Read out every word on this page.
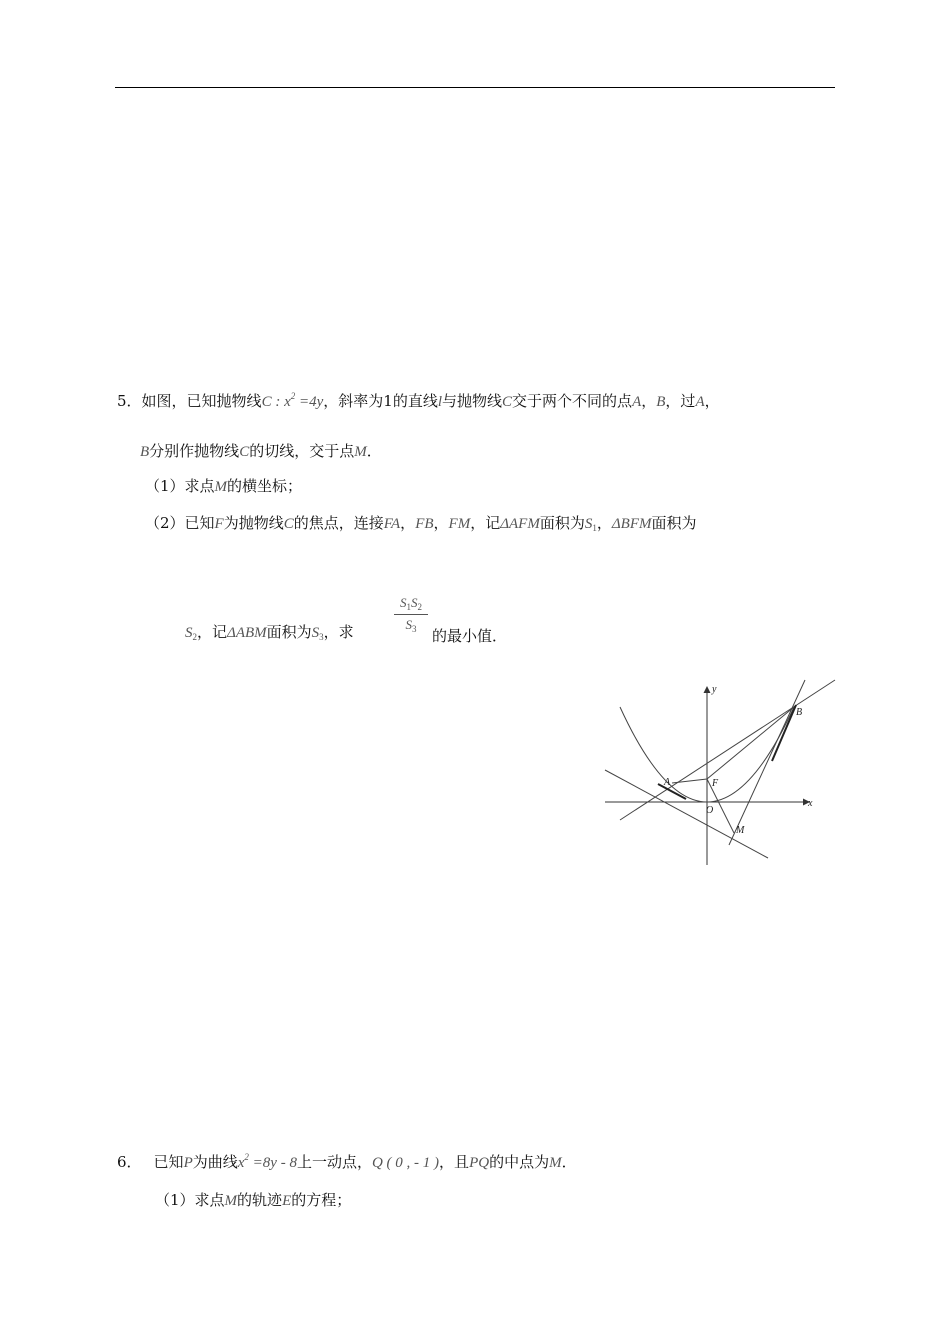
5．如图，已知抛物线C : $x^2 =4y$，斜率为1的直线l与抛物线C交于两个不同的点A，B，过A，
B分别作抛物线C的切线，交于点M．
（1）求点M的横坐标；
（2）已知F为抛物线C的焦点，连接FA，FB，FM，记ΔAFM面积为$S_1$，ΔBFM面积为
$S_2$，记ΔABM面积为$S_3$，求
$S_1S_2$
$S_3$	的最小值．
y
x
B
A	F
O
M
6． 已知P为曲线$x^2 =8y - 8$上一动点，Q ( 0 , - 1 )，且PQ的中点为M．
（1）求点M的轨迹E的方程；
